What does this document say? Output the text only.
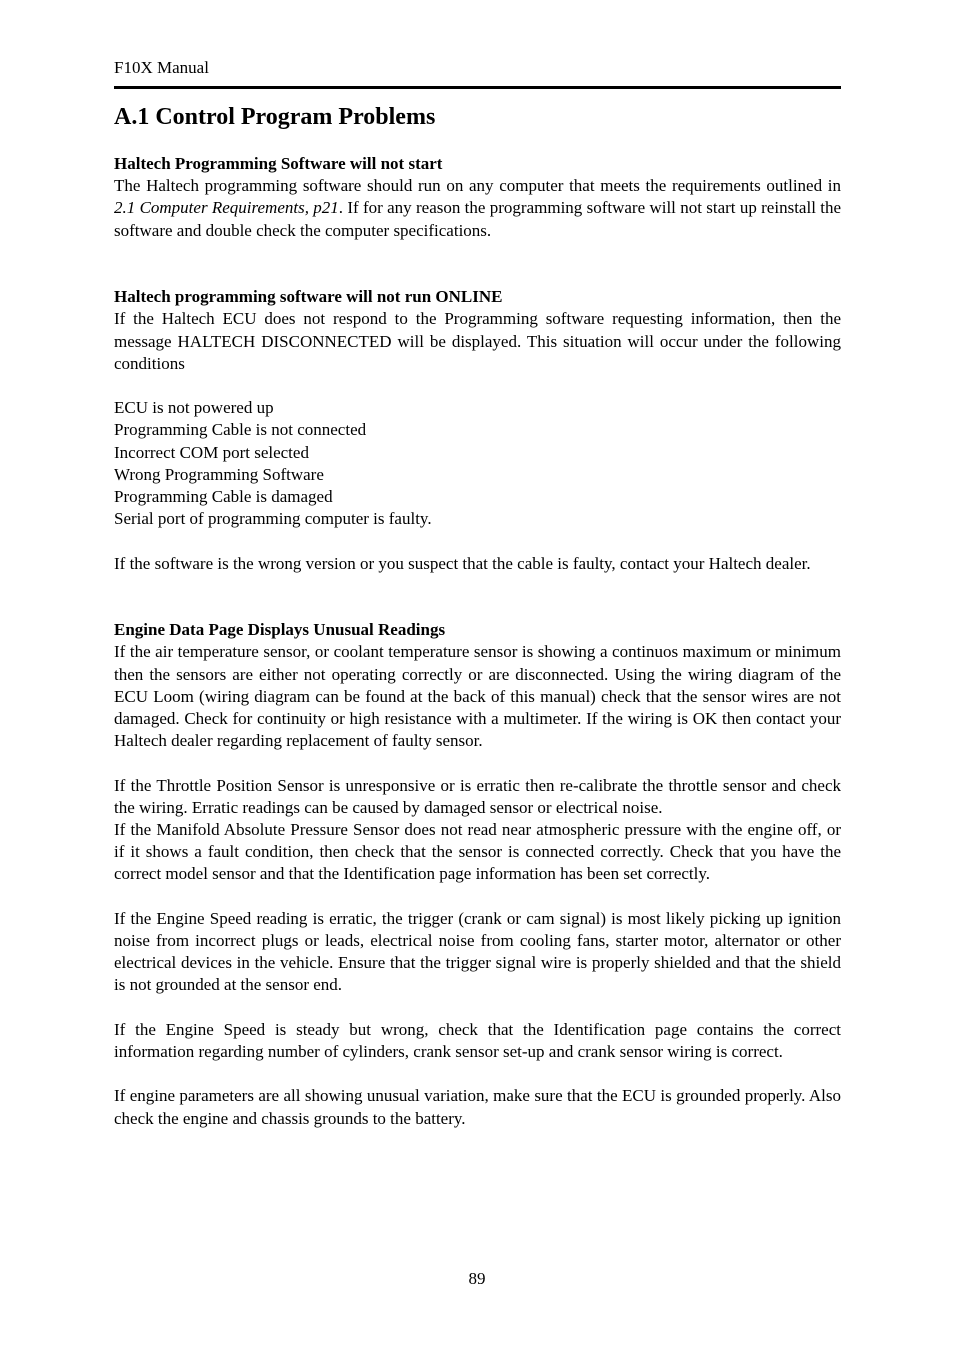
F10X Manual
A.1 Control Program Problems
Haltech Programming Software will not start

The Haltech programming software should run on any computer that meets the requirements outlined in 2.1 Computer Requirements, p21. If for any reason the programming software will not start up reinstall the software and double check the computer specifications.

Haltech programming software will not run ONLINE

If the Haltech ECU does not respond to the Programming software requesting information, then the message HALTECH DISCONNECTED will be displayed. This situation will occur under the following conditions

ECU is not powered up
Programming Cable is not connected
Incorrect COM port selected
Wrong Programming Software
Programming Cable is damaged
Serial port of programming computer is faulty.

If the software is the wrong version or you suspect that the cable is faulty, contact your Haltech dealer.

Engine Data Page Displays Unusual Readings

If the air temperature sensor, or coolant temperature sensor is showing a continuos maximum or minimum then the sensors are either not operating correctly or are disconnected. Using the wiring diagram of the ECU Loom (wiring diagram can be found at the back of this manual) check that the sensor wires are not damaged. Check for continuity or high resistance with a multimeter. If the wiring is OK then contact your Haltech dealer regarding replacement of faulty sensor.

If the Throttle Position Sensor is unresponsive or is erratic then re-calibrate the throttle sensor and check the wiring. Erratic readings can be caused by damaged sensor or electrical noise.

If the Manifold Absolute Pressure Sensor does not read near atmospheric pressure with the engine off, or if it shows a fault condition, then check that the sensor is connected correctly. Check that you have the correct model sensor and that the Identification page information has been set correctly.

If the Engine Speed reading is erratic, the trigger (crank or cam signal) is most likely picking up ignition noise from incorrect plugs or leads, electrical noise from cooling fans, starter motor, alternator or other electrical devices in the vehicle. Ensure that the trigger signal wire is properly shielded and that the shield is not grounded at the sensor end.

If the Engine Speed is steady but wrong, check that the Identification page contains the correct information regarding number of cylinders, crank sensor set-up and crank sensor wiring is correct.

If engine parameters are all showing unusual variation, make sure that the ECU is grounded properly. Also check the engine and chassis grounds to the battery.

89
